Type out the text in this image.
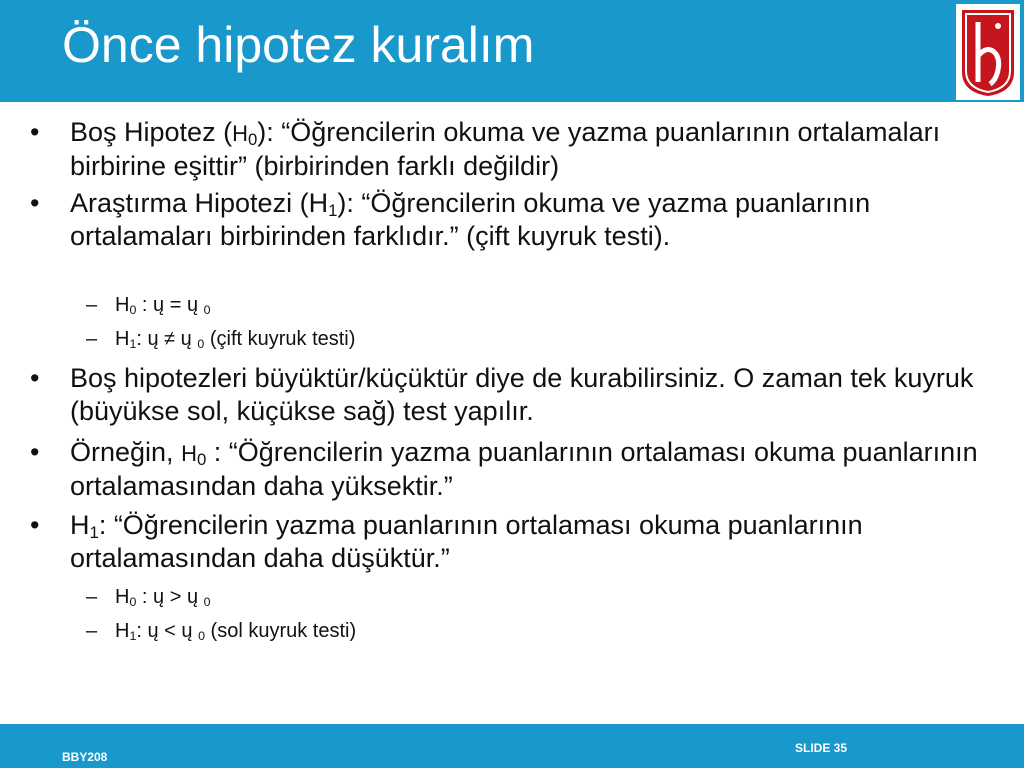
Önce hipotez kuralım
•	Boş Hipotez $(H_0)$: “Öğrencilerin okuma ve yazma puanlarının ortalamaları birbirine eşittir” (birbirinden farklı değildir)
•	Araştırma Hipotezi $(H_1)$: “Öğrencilerin okuma ve yazma puanlarının ortalamaları birbirinden farklıdır.” (çift kuyruk testi).
– $H_0$ : ų = ų $_0$
– $H_1$: ų ≠ ų $_0$ (çift kuyruk testi)
•	Boş hipotezleri büyüktür/küçüktür diye de kurabilirsiniz. O zaman tek kuyruk (büyükse sol, küçükse sağ) test yapılır.
•	Örneğin, $H_0$ : “Öğrencilerin yazma puanlarının ortalaması okuma puanlarının ortalamasından daha yüksektir.”
•	$H_1$: “Öğrencilerin yazma puanlarının ortalaması okuma puanlarının ortalamasından daha düşüktür.”
– $H_0$ : ų > ų $_0$
– $H_1$: ų < ų $_0$ (sol kuyruk testi)
BBY208
SLIDE 35
